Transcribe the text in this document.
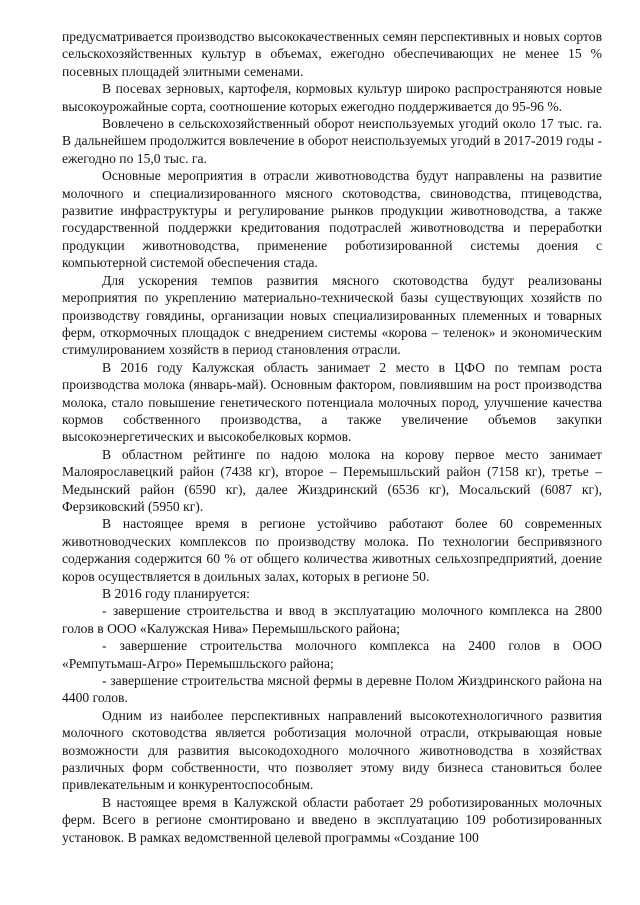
предусматривается производство высококачественных семян перспективных и новых сортов сельскохозяйственных культур в объемах, ежегодно обеспечивающих не менее 15 % посевных площадей элитными семенами.

В посевах зерновых, картофеля, кормовых культур широко распространяются новые высокоурожайные сорта, соотношение которых ежегодно поддерживается до 95-96 %.

Вовлечено в сельскохозяйственный оборот неиспользуемых угодий около 17 тыс. га. В дальнейшем продолжится вовлечение в оборот неиспользуемых угодий в 2017-2019 годы - ежегодно по 15,0 тыс. га.

Основные мероприятия в отрасли животноводства будут направлены на развитие молочного и специализированного мясного скотоводства, свиноводства, птицеводства, развитие инфраструктуры и регулирование рынков продукции животноводства, а также государственной поддержки кредитования подотраслей животноводства и переработки продукции животноводства, применение роботизированной системы доения с компьютерной системой обеспечения стада.

Для ускорения темпов развития мясного скотоводства будут реализованы мероприятия по укреплению материально-технической базы существующих хозяйств по производству говядины, организации новых специализированных племенных и товарных ферм, откормочных площадок с внедрением системы «корова – теленок» и экономическим стимулированием хозяйств в период становления отрасли.

В 2016 году Калужская область занимает 2 место в ЦФО по темпам роста производства молока (январь-май). Основным фактором, повлиявшим на рост производства молока, стало повышение генетического потенциала молочных пород, улучшение качества кормов собственного производства, а также увеличение объемов закупки высокоэнергетических и высокобелковых кормов.

В областном рейтинге по надою молока на корову первое место занимает Малоярославецкий район (7438 кг), второе – Перемышльский район (7158 кг), третье – Медынский район (6590 кг), далее Жиздринский (6536 кг), Мосальский (6087 кг), Ферзиковский (5950 кг).

В настоящее время в регионе устойчиво работают более 60 современных животноводческих комплексов по производству молока. По технологии беспривязного содержания содержится 60 % от общего количества животных сельхозпредприятий, доение коров осуществляется в доильных залах, которых в регионе 50.

В 2016 году планируется:

- завершение строительства и ввод в эксплуатацию молочного комплекса на 2800 голов в ООО «Калужская Нива» Перемышльского района;

- завершение строительства молочного комплекса на 2400 голов в ООО «Ремпутьмаш-Агро» Перемышльского района;

- завершение строительства мясной фермы в деревне Полом Жиздринского района на 4400 голов.

Одним из наиболее перспективных направлений высокотехнологичного развития молочного скотоводства является роботизация молочной отрасли, открывающая новые возможности для развития высокодоходного молочного животноводства в хозяйствах различных форм собственности, что позволяет этому виду бизнеса становиться более привлекательным и конкурентоспособным.

В настоящее время в Калужской области работает 29 роботизированных молочных ферм. Всего в регионе смонтировано и введено в эксплуатацию 109 роботизированных установок. В рамках ведомственной целевой программы «Создание 100
